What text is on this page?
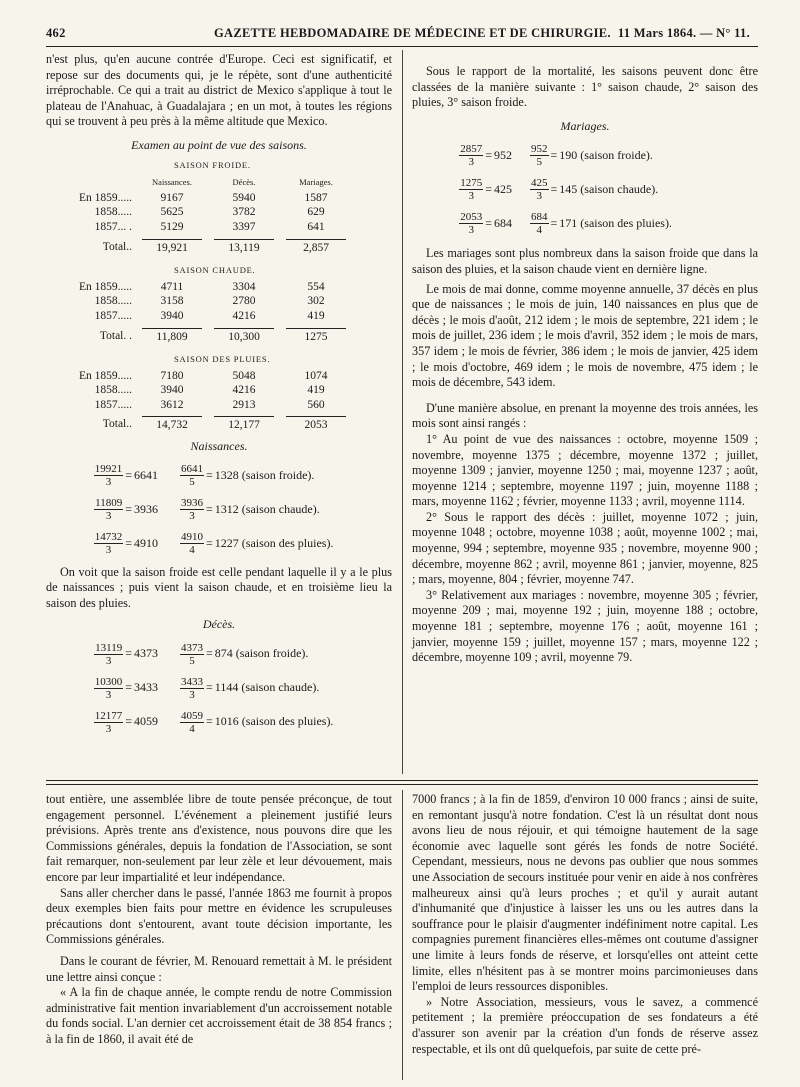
462	GAZETTE HEBDOMADAIRE DE MÉDECINE ET DE CHIRURGIE. 11 Mars 1864. — N° 11.

n'est plus, qu'en aucune contrée d'Europe. Ceci est significatif, et repose sur des documents qui, je le répète, sont d'une authenticité irréprochable. Ce qui a trait au district de Mexico s'applique à tout le plateau de l'Anahuac, à Guadalajara ; en un mot, à toutes les régions qui se trouvent à peu près à la même altitude que Mexico.

Examen au point de vue des saisons.
SAISON FROIDE.
	Naissances.	Décès.	Mariages.
En 1859.....	9167	5940	1587
1858.....	5625	3782	629
1857... .	5129	3397	641
Total..	19,921	13,119	2,857
SAISON CHAUDE.
En 1859.....	4711	3304	554
1858.....	3158	2780	302
1857.....	3940	4216	419
Total. .	11,809	10,300	1275
SAISON DES PLUIES.
En 1859.....	7180	5048	1074
1858.....	3940	4216	419
1857.....	3612	2913	560
Total..	14,732	12,177	2053
Naissances.
$\frac{19921}{3} = 6641 \frac{6641}{5} = 1328$
(saison froide).
$\frac{11809}{3} = 3936 \frac{3936}{3} = 1312$
(saison chaude).
$\frac{14732}{3} = 4910 \frac{4910}{4} = 1227$
(saison des pluies).

On voit que la saison froide est celle pendant laquelle il y a le plus de naissances ; puis vient la saison chaude, et en troisième lieu la saison des pluies.

Décès.
$\frac{13119}{3} = 4373 \frac{4373}{5} = 874$
(saison froide).
$\frac{10300}{3} = 3433 \frac{3433}{3} = 1144$
(saison chaude).
$\frac{12177}{3} = 4059 \frac{4059}{4} = 1016$
(saison des pluies).

Sous le rapport de la mortalité, les saisons peuvent donc être classées de la manière suivante : 1° saison chaude, 2° saison des pluies, 3° saison froide.

Mariages.
$\frac{2857}{3} = 952 \frac{952}{5} = 190$
(saison froide).
$\frac{1275}{3} = 425 \frac{425}{3} = 145$
(saison chaude).
$\frac{2053}{3} = 684 \frac{684}{4} = 171$
(saison des pluies).

Les mariages sont plus nombreux dans la saison froide que dans la saison des pluies, et la saison chaude vient en dernière ligne.

Le mois de mai donne, comme moyenne annuelle, 37 décès en plus que de naissances ; le mois de juin, 140 naissances en plus que de décès ; le mois d'août, 212 idem ; le mois de septembre, 221 idem ; le mois de juillet, 236 idem ; le mois d'avril, 352 idem ; le mois de mars, 357 idem ; le mois de février, 386 idem ; le mois de janvier, 425 idem ; le mois d'octobre, 469 idem ; le mois de novembre, 475 idem ; le mois de décembre, 543 idem.

D'une manière absolue, en prenant la moyenne des trois années, les mois sont ainsi rangés :

1° Au point de vue des naissances : octobre, moyenne 1509 ; novembre, moyenne 1375 ; décembre, moyenne 1372 ; juillet, moyenne 1309 ; janvier, moyenne 1250 ; mai, moyenne 1237 ; août, moyenne 1214 ; septembre, moyenne 1197 ; juin, moyenne 1188 ; mars, moyenne 1162 ; février, moyenne 1133 ; avril, moyenne 1114.

2° Sous le rapport des décès : juillet, moyenne 1072 ; juin, moyenne 1048 ; octobre, moyenne 1038 ; août, moyenne 1002 ; mai, moyenne, 994 ; septembre, moyenne 935 ; novembre, moyenne 900 ; décembre, moyenne 862 ; avril, moyenne 861 ; janvier, moyenne, 825 ; mars, moyenne, 804 ; février, moyenne 747.

3° Relativement aux mariages : novembre, moyenne 305 ; février, moyenne 209 ; mai, moyenne 192 ; juin, moyenne 188 ; octobre, moyenne 181 ; septembre, moyenne 176 ; août, moyenne 161 ; janvier, moyenne 159 ; juillet, moyenne 157 ; mars, moyenne 122 ; décembre, moyenne 109 ; avril, moyenne 79.

tout entière, une assemblée libre de toute pensée préconçue, de tout engagement personnel. L'événement a pleinement justifié leurs prévisions. Après trente ans d'existence, nous pouvons dire que les Commissions générales, depuis la fondation de l'Association, se sont fait remarquer, non-seulement par leur zèle et leur dévouement, mais encore par leur impartialité et leur indépendance.

Sans aller chercher dans le passé, l'année 1863 me fournit à propos deux exemples bien faits pour mettre en évidence les scrupuleuses précautions dont s'entourent, avant toute décision importante, les Commissions générales.

Dans le courant de février, M. Renouard remettait à M. le président une lettre ainsi conçue :

« A la fin de chaque année, le compte rendu de notre Commission administrative fait mention invariablement d'un accroissement notable du fonds social. L'an dernier cet accroissement était de 38 854 francs ; à la fin de 1860, il avait été de

7000 francs ; à la fin de 1859, d'environ 10 000 francs ; ainsi de suite, en remontant jusqu'à notre fondation. C'est là un résultat dont nous avons lieu de nous réjouir, et qui témoigne hautement de la sage économie avec laquelle sont gérés les fonds de notre Société. Cependant, messieurs, nous ne devons pas oublier que nous sommes une Association de secours instituée pour venir en aide à nos confrères malheureux ainsi qu'à leurs proches ; et qu'il y aurait autant d'inhumanité que d'injustice à laisser les uns ou les autres dans la souffrance pour le plaisir d'augmenter indéfiniment notre capital. Les compagnies purement financières elles-mêmes ont coutume d'assigner une limite à leurs fonds de réserve, et lorsqu'elles ont atteint cette limite, elles n'hésitent pas à se montrer moins parcimonieuses dans l'emploi de leurs ressources disponibles.

» Notre Association, messieurs, vous le savez, a commencé petitement ; la première préoccupation de ses fondateurs a été d'assurer son avenir par la création d'un fonds de réserve assez respectable, et ils ont dû quelquefois, par suite de cette pré-
